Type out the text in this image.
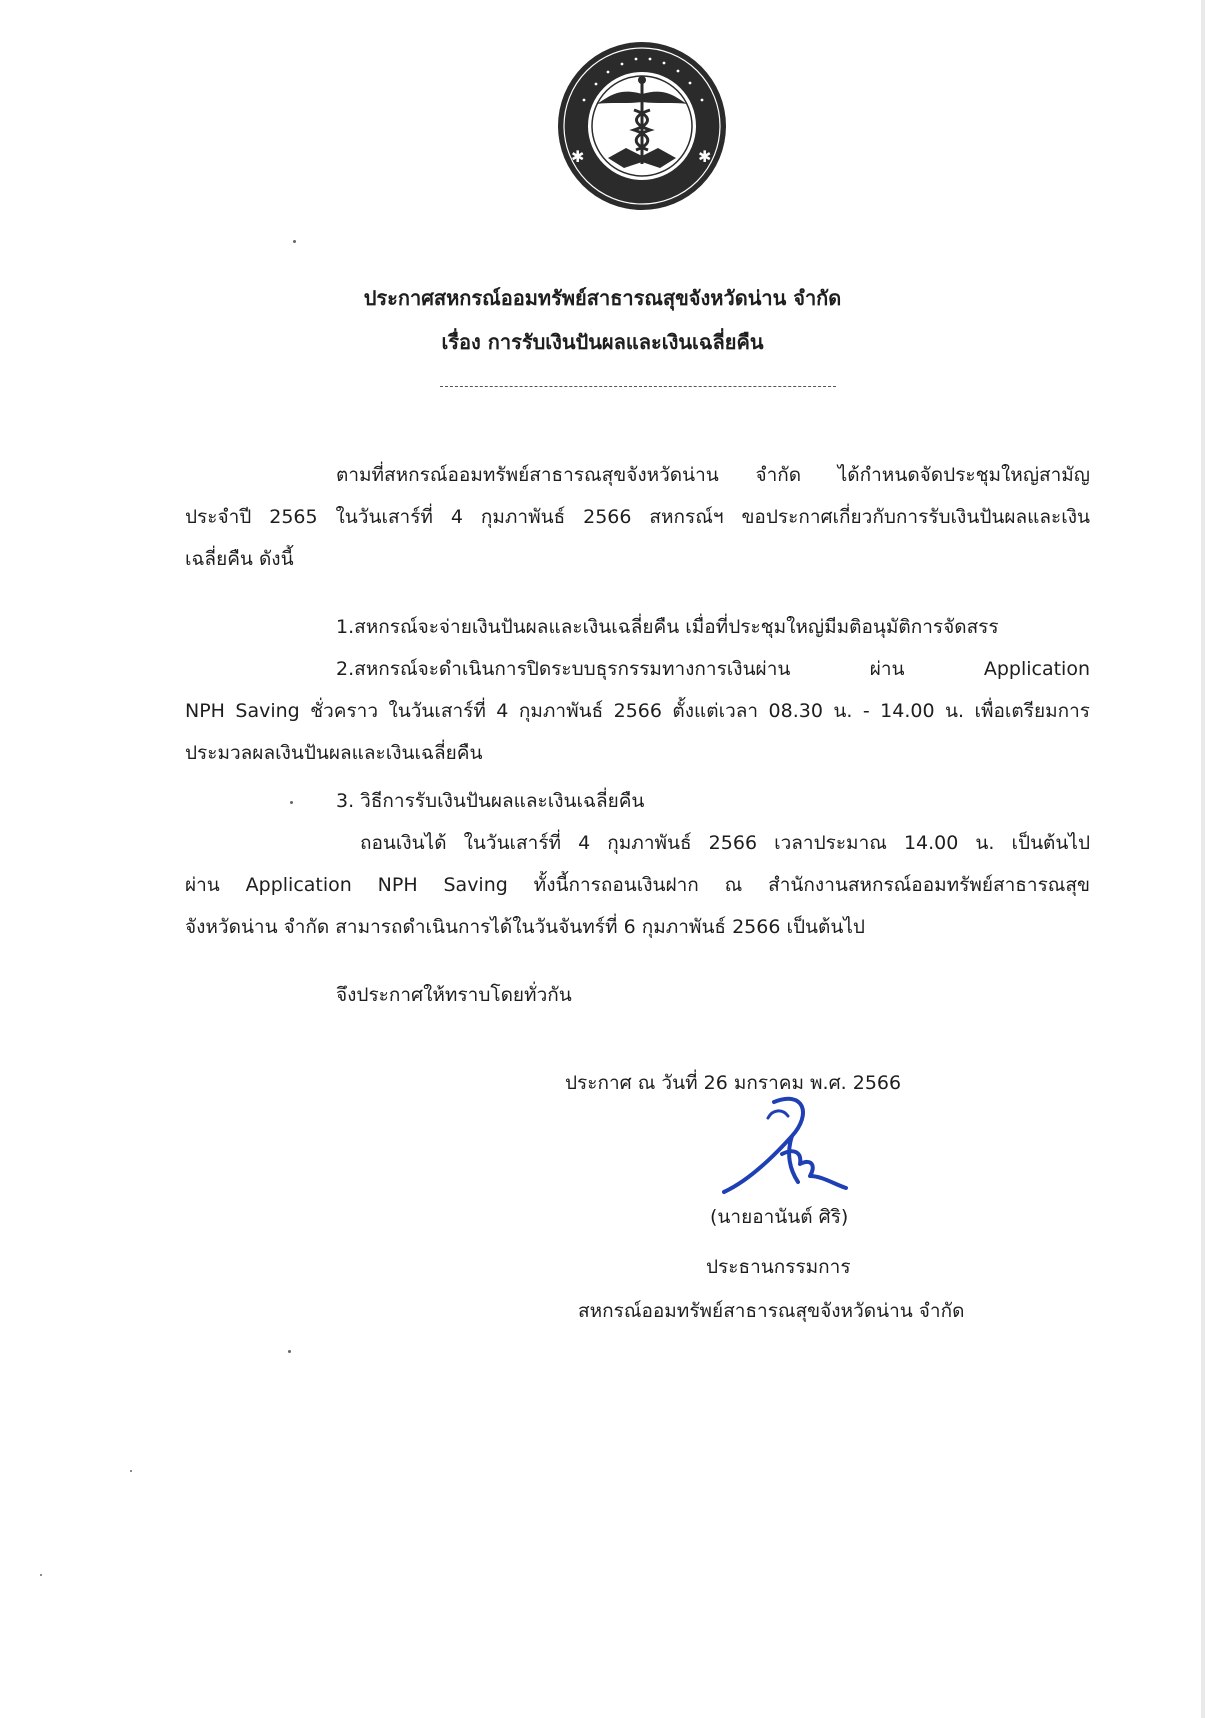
✱	✱
ประกาศสหกรณ์ออมทรัพย์สาธารณสุขจังหวัดน่าน จำกัด
เรื่อง การรับเงินปันผลและเงินเฉลี่ยคืน
ตามที่สหกรณ์ออมทรัพย์สาธารณสุขจังหวัดน่าน จำกัด ได้กำหนดจัดประชุมใหญ่สามัญ
ประจำปี 2565 ในวันเสาร์ที่ 4 กุมภาพันธ์ 2566 สหกรณ์ฯ ขอประกาศเกี่ยวกับการรับเงินปันผลและเงิน
เฉลี่ยคืน ดังนี้
1.สหกรณ์จะจ่ายเงินปันผลและเงินเฉลี่ยคืน เมื่อที่ประชุมใหญ่มีมติอนุมัติการจัดสรร
2.สหกรณ์จะดำเนินการปิดระบบธุรกรรมทางการเงินผ่าน ผ่าน Application
NPH Saving ชั่วคราว ในวันเสาร์ที่ 4 กุมภาพันธ์ 2566 ตั้งแต่เวลา 08.30 น. - 14.00 น. เพื่อเตรียมการ
ประมวลผลเงินปันผลและเงินเฉลี่ยคืน
3. วิธีการรับเงินปันผลและเงินเฉลี่ยคืน
ถอนเงินได้ ในวันเสาร์ที่ 4 กุมภาพันธ์ 2566 เวลาประมาณ 14.00 น. เป็นต้นไป
ผ่าน Application NPH Saving ทั้งนี้การถอนเงินฝาก ณ สำนักงานสหกรณ์ออมทรัพย์สาธารณสุข
จังหวัดน่าน จำกัด สามารถดำเนินการได้ในวันจันทร์ที่ 6 กุมภาพันธ์ 2566 เป็นต้นไป
จึงประกาศให้ทราบโดยทั่วกัน
ประกาศ ณ วันที่ 26 มกราคม พ.ศ. 2566
(นายอานันต์ ศิริ)
ประธานกรรมการ
สหกรณ์ออมทรัพย์สาธารณสุขจังหวัดน่าน จำกัด
